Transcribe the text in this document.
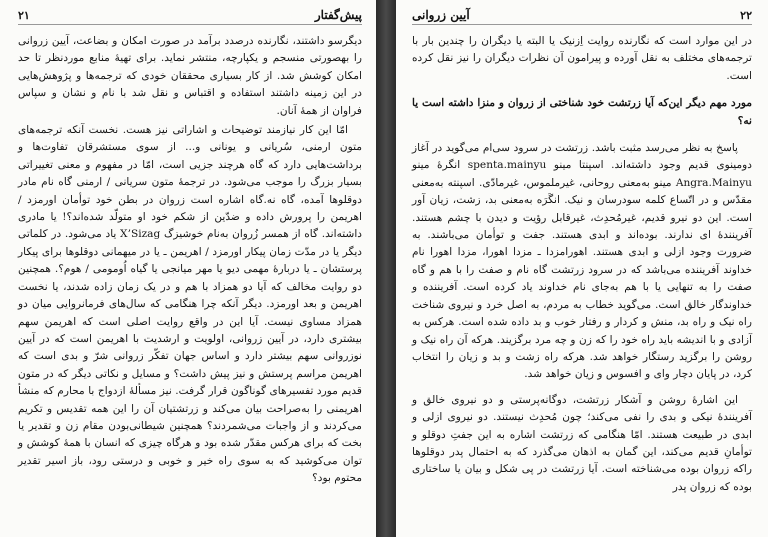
پیش‌گفتار
۲۱

دیگرسو داشتند، نگارنده درصدد برآمد در صورت امکان و بضاعت، آیین زروانی را بهصورتی منسجم و یکپارچه، منتشر نماید. برای تهیهٔ منابع موردنظر تا حد امکان کوشش شد. از کار بسیاری محققان خودی که ترجمه‌ها و پژوهش‌هایی در این زمینه داشتند استفاده و اقتباس و نقل شد با نام و نشان و سپاس فراوان از همهٔ آنان.

امّا این کار نیازمند توضیحات و اشاراتی نیز هست. نخست آنکه ترجمه‌های متون ارمنی، سُریانی و یونانی و... از سوی مستشرقان تفاوت‌ها و برداشت‌هایی دارد که گاه هرچند جزیی است، امّا در مفهوم و معنی تغییراتی بسیار بزرگ را موجب می‌شود. در ترجمهٔ متون سریانی / ارمنی گاه نام مادر دوقلوها آمده، گاه نه.گاه اشاره است زروان در بطن خود تو‌أمان اورمزد / اهریمن را پرورش داده و ضدّین از شکم خود او متولّد شده‌اند؟! یا مادری داشته‌اند. گاه از همسر زُروان به‌نام خوشیزگ X’Sizag یاد می‌شود. در کلماتی دیگر یا در مدّت زمان پیکار اورمزد / اهریمن ـ یا در میهمانی دوقلوها برای پیکار پرستشان ـ یا دربارهٔ مهمی دیو یا مهر میانجی یا گیاه اُومومی / هوم؟. همچنین دو روایت مخالف که آیا دو همزاد با هم و در یک زمان زاده شدند، یا نخست اهریمن و بعد اورمزد. دیگر آنکه چرا هنگامی که سال‌های فرمانروایی میان دو همزاد مساوی نیست. آیا این در واقع روایت اصلی است که اهریمن سهم بیشتری دارد، در آیین زروانی، اولویت و ارشدیت با اهریمن است که در آیین نوزروانی سهم بیشتر دارد و اساس جهان تفکّر زروانی شرّ و بدی است که اهریمن مراسم پرستش و نیز پیش داشت؟ و مسایل و نکاتی دیگر که در متون قدیم مورد تفسیرهای گوناگون قرار گرفت. نیز مسألهٔ ازدواج با محارم که منشأ اهریمنی را به‌صراحت بیان می‌کند و زرتشتیان آن را این همه تقدیس و تکریم می‌کردند و از واجبات می‌شمردند؟ همچنین شیطانی‌بودن مقام زن و تقدیر یا بخت که برای هرکس مقدّر شده بود و هرگاه چیزی که انسان با همهٔ کوشش و توان می‌کوشید که به سوی راه خیر و خوبی و درستی رود، باز اسیر تقدیر محتوم بود؟

۲۲
آیین زروانی

در این موارد است که نگارنده روایت اِزنیک یا البته یا دیگران را چندین بار با ترجمه‌های مختلف به نقل آورده و پیرامون آن نظرات دیگران را نیز نقل کرده است.

مورد مهم دیگر این‌که آیا زرتشت خود شناختی از زروان و منزا داشته است یا نه؟

پاسخ به نظر می‌رسد مثبت باشد. زرتشت در سرود سی‌ام می‌گوید در آغاز دومینوی قدیم وجود داشته‌اند. اسپنتا مینو spenta.mainyu انگرهٔ مینو Angra.Mainyu مینو به‌معنی روحانی، غیرملموس، غیرمادّی. اسپنته به‌معنی مقدّس و در اتّساع کلمه سودرسان و نیک. انگَرَه به‌معنی بد، زشت، زیان آور است. این دو نیرو قدیم، غیرمُحدِث، غیرقابل رؤیت و دیدن با چشم هستند. آفرینندهٔ ای ندارند. بوده‌اند و ابدی هستند. جفت و توأمان می‌باشند. به ضرورت وجود ازلی و ابدی هستند. اهورامزدا ـ مزدا اهورا، مزدا اهورا نام خداوند آفریننده می‌باشد که در سرود زرتشت گاه نام و صفت را با هم و گاه صفت را به تنهایی یا با هم به‌جای نام خداوند یاد کرده است. آفریننده و خداوندگار خالق است. می‌گوید خطاب به مردم، به اصل خرد و نیروی شناخت راه نیک و راه بد، منش و کردار و رفتار خوب و بد داده شده است. هرکس به آزادی و با اندیشه باید راه خود را که زن و چه مرد برگزیند. هرکه آن راه نیک و روشن را برگزید رستگار خواهد شد. هرکه راه زشت و بد و زیان را انتخاب کرد، در پایان دچار وای و افسوس و زیان خواهد شد.

این اشارهٔ روشن و آشکار زرتشت، دوگانه‌پرستی و دو نیروی خالق و آفرینندهٔ نیکی و بدی را نفی می‌کند؛ چون مُحدِث نیستند. دو نیروی ازلی و ابدی در طبیعت هستند. امّا هنگامی که زرتشت اشاره به این جفتِ دوقلو و توأمانِ قدیم می‌کند، این گمان به اذهان می‌گذرد که به احتمال پدر دوقلوها راکه زروان بوده می‌شناخته است. آیا زرتشت در پی شکل و بیان یا ساختاری بوده که زروان پدر
